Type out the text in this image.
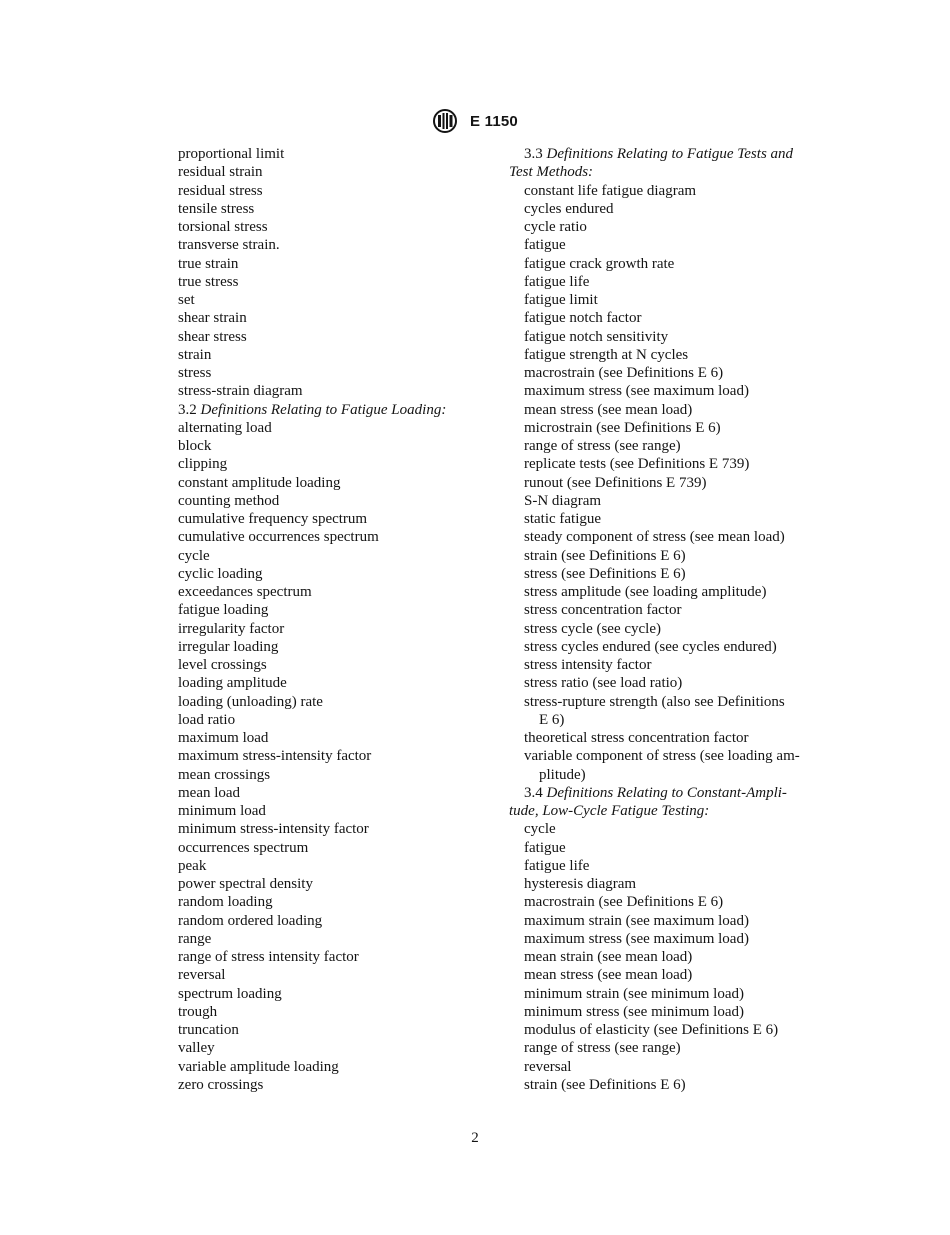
E 1150
proportional limit
residual strain
residual stress
tensile stress
torsional stress
transverse strain.
true strain
true stress
set
shear strain
shear stress
strain
stress
stress-strain diagram
3.2 Definitions Relating to Fatigue Loading:
alternating load
block
clipping
constant amplitude loading
counting method
cumulative frequency spectrum
cumulative occurrences spectrum
cycle
cyclic loading
exceedances spectrum
fatigue loading
irregularity factor
irregular loading
level crossings
loading amplitude
loading (unloading) rate
load ratio
maximum load
maximum stress-intensity factor
mean crossings
mean load
minimum load
minimum stress-intensity factor
occurrences spectrum
peak
power spectral density
random loading
random ordered loading
range
range of stress intensity factor
reversal
spectrum loading
trough
truncation
valley
variable amplitude loading
zero crossings
3.3 Definitions Relating to Fatigue Tests and
Test Methods:
constant life fatigue diagram
cycles endured
cycle ratio
fatigue
fatigue crack growth rate
fatigue life
fatigue limit
fatigue notch factor
fatigue notch sensitivity
fatigue strength at N cycles
macrostrain (see Definitions E 6)
maximum stress (see maximum load)
mean stress (see mean load)
microstrain (see Definitions E 6)
range of stress (see range)
replicate tests (see Definitions E 739)
runout (see Definitions E 739)
S-N diagram
static fatigue
steady component of stress (see mean load)
strain (see Definitions E 6)
stress (see Definitions E 6)
stress amplitude (see loading amplitude)
stress concentration factor
stress cycle (see cycle)
stress cycles endured (see cycles endured)
stress intensity factor
stress ratio (see load ratio)
stress-rupture strength (also see Definitions
E 6)
theoretical stress concentration factor
variable component of stress (see loading am-
plitude)
3.4 Definitions Relating to Constant-Ampli-
tude, Low-Cycle Fatigue Testing:
cycle
fatigue
fatigue life
hysteresis diagram
macrostrain (see Definitions E 6)
maximum strain (see maximum load)
maximum stress (see maximum load)
mean strain (see mean load)
mean stress (see mean load)
minimum strain (see minimum load)
minimum stress (see minimum load)
modulus of elasticity (see Definitions E 6)
range of stress (see range)
reversal
strain (see Definitions E 6)
2
